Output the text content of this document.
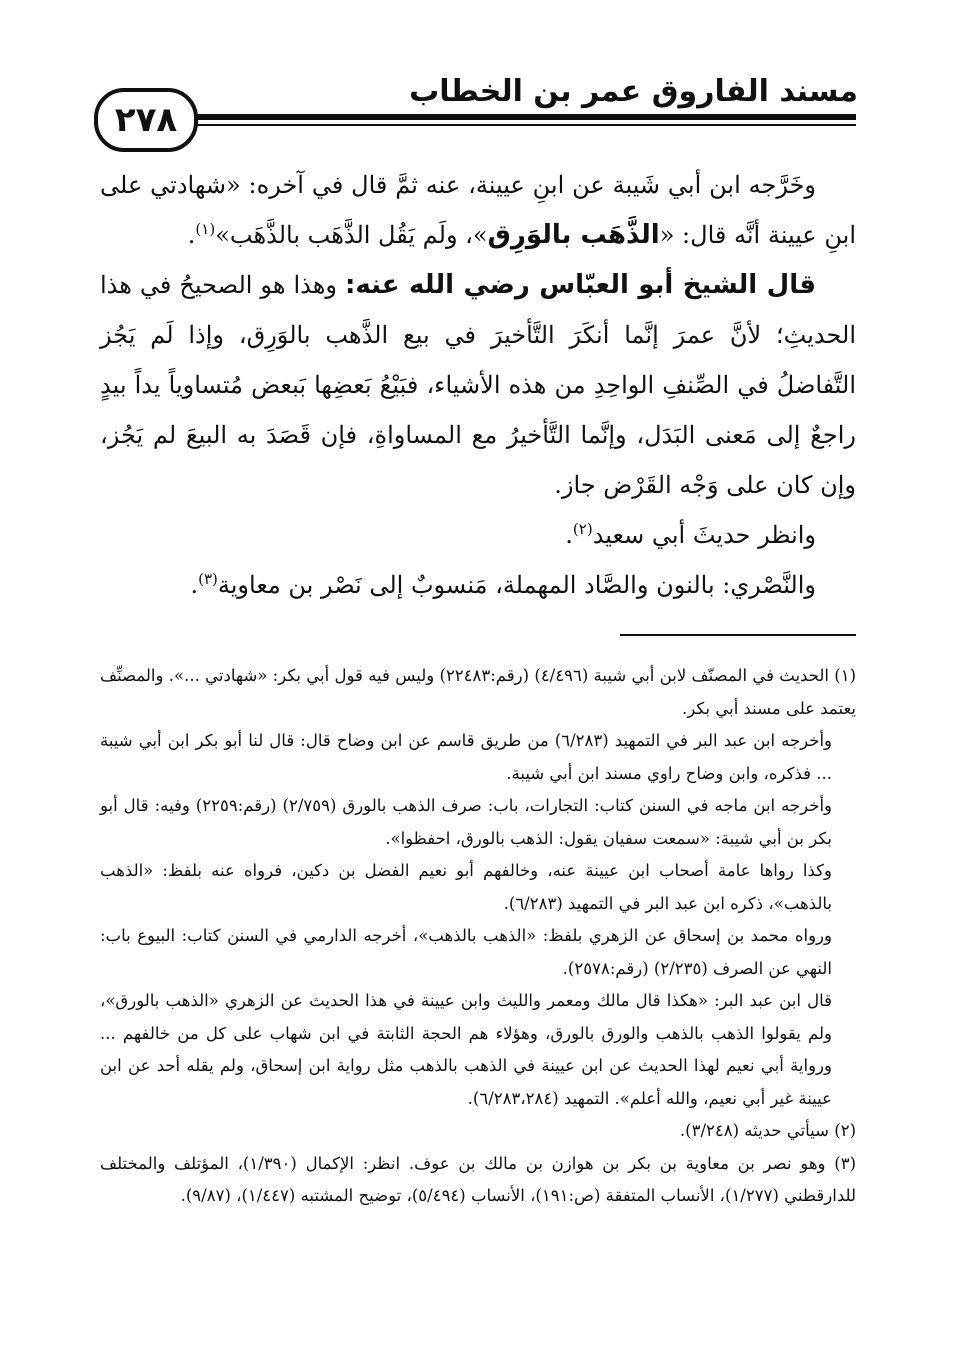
مسند الفاروق عمر بن الخطاب
٢٧٨

وخَرَّجه ابن أبي شَيبة عن ابنِ عيينة، عنه ثمَّ قال في آخره: «شهادتي على ابنِ عيينة أنَّه قال: «الذَّهَب بالوَرِق»، ولَم يَقُل الذَّهَب بالذَّهَب»$^{(١)}$.

قال الشيخ أبو العبّاس رضي الله عنه: وهذا هو الصحيحُ في هذا الحديثِ؛ لأنَّ عمرَ إنَّما أنكَرَ التَّأخيرَ في بيع الذَّهب بالوَرِق، وإذا لَم يَجُز التَّفاضلُ في الصِّنفِ الواحِدِ من هذه الأشياء، فبَيْعُ بَعضِها بَبعض مُتساوياً يداً بيدٍ راجعٌ إلى مَعنى البَدَل، وإنَّما التَّأخيرُ مع المساواةِ، فإن قَصَدَ به البيعَ لم يَجُز، وإن كان على وَجْه القَرْض جاز.

وانظر حديثَ أبي سعيد$^{(٢)}$.

والنَّصْري: بالنون والصَّاد المهملة، مَنسوبٌ إلى نَصْر بن معاوية$^{(٣)}$.

(١) الحديث في المصنّف لابن أبي شيبة (٤/٤٩٦) (رقم:٢٢٤٨٣) وليس فيه قول أبي بكر: «شهادتي ...». والمصنِّف يعتمد على مسند أبي بكر.

وأخرجه ابن عبد البر في التمهيد (٦/٢٨٣) من طريق قاسم عن ابن وضاح قال: قال لنا أبو بكر ابن أبي شيبة ... فذكره، وابن وضاح راوي مسند ابن أبي شيبة.

وأخرجه ابن ماجه في السنن كتاب: التجارات، باب: صرف الذهب بالورق (٢/٧٥٩) (رقم:٢٢٥٩) وفيه: قال أبو بكر بن أبي شيبة: «سمعت سفيان يقول: الذهب بالورق، احفظوا».

وكذا رواها عامة أصحاب ابن عيينة عنه، وخالفهم أبو نعيم الفضل بن دكين، فرواه عنه بلفظ: «الذهب بالذهب»، ذكره ابن عبد البر في التمهيد (٦/٢٨٣).

ورواه محمد بن إسحاق عن الزهري بلفظ: «الذهب بالذهب»، أخرجه الدارمي في السنن كتاب: البيوع باب: النهي عن الصرف (٢/٢٣٥) (رقم:٢٥٧٨).

قال ابن عبد البر: «هكذا قال مالك ومعمر والليث وابن عيينة في هذا الحديث عن الزهري «الذهب بالورق»، ولم يقولوا الذهب بالذهب والورق بالورق، وهؤلاء هم الحجة الثابتة في ابن شهاب على كل من خالفهم ... ورواية أبي نعيم لهذا الحديث عن ابن عيينة في الذهب بالذهب مثل رواية ابن إسحاق، ولم يقله أحد عن ابن عيينة غير أبي نعيم، والله أعلم». التمهيد (٦/٢٨٣،٢٨٤).

(٢) سيأتي حديثه (٣/٢٤٨).

(٣) وهو نصر بن معاوية بن بكر بن هوازن بن مالك بن عوف. انظر: الإكمال (١/٣٩٠)، المؤتلف والمختلف للدارقطني (١/٢٧٧)، الأنساب المتفقة (ص:١٩١)، الأنساب (٥/٤٩٤)، توضيح المشتبه (١/٤٤٧)، (٩/٨٧).
